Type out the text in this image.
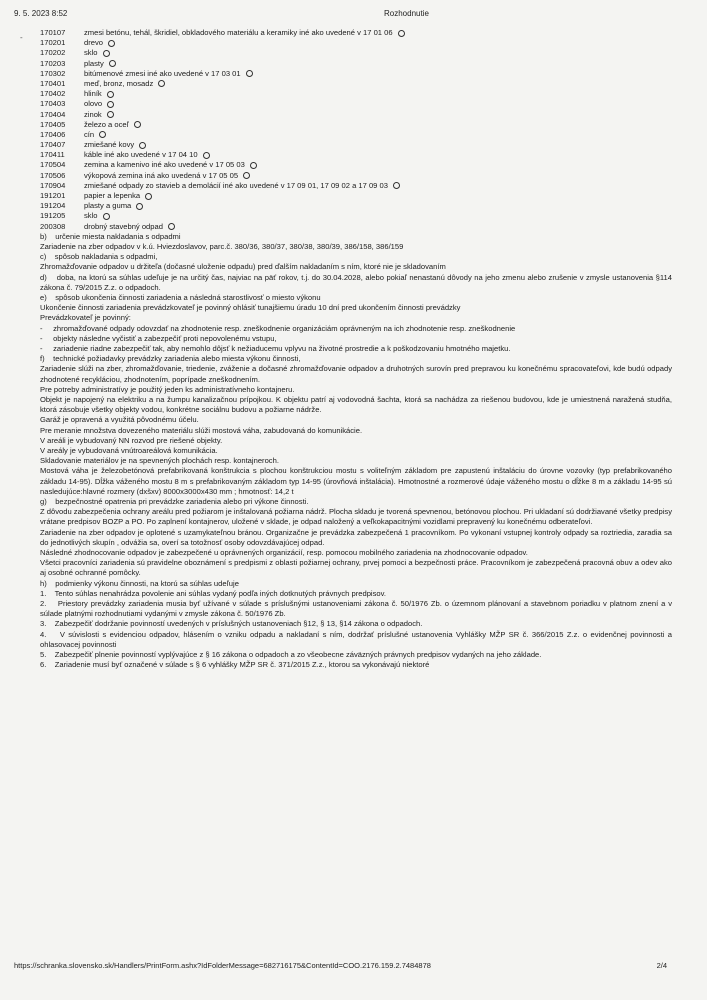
9. 5. 2023 8:52	Rozhodnutie
-
170107 zmesi betónu, tehál, škridiel, obkladového materiálu a keramiky iné ako uvedené v 17 01 06
170201 drevo
170202 sklo
170203 plasty
170302 bitúmenové zmesi iné ako uvedené v 17 03 01
170401 meď, bronz, mosadz
170402 hliník
170403 olovo
170404 zinok
170405 železo a oceľ
170406 cín
170407 zmiešané kovy
170411	káble iné ako uvedené v 17 04 10
170504 zemina a kamenivo iné ako uvedené v 17 05 03
170506 výkopová zemina iná ako uvedená v 17 05 05
170904 zmiešané odpady zo stavieb a demolácií iné ako uvedené v 17 09 01, 17 09 02 a 17 09 03
191201 papier a lepenka
191204 plasty a guma
191205 sklo
200308 drobný stavebný odpad
b)    určenie miesta nakladania s odpadmi
Zariadenie na zber odpadov v k.ú. Hviezdoslavov, parc.č. 380/36, 380/37, 380/38, 380/39, 386/158, 386/159
c)    spôsob nakladania s odpadmi,
Zhromažďovanie odpadov u držiteľa (dočasné uloženie odpadu) pred ďalším nakladaním s ním, ktoré nie je skladovaním
d)    doba, na ktorú sa súhlas udeľuje je na určitý čas, najviac na päť rokov, t.j. do 30.04.2028, alebo pokiaľ nenastanú dôvody na jeho zmenu alebo zrušenie v zmysle ustanovenia §114 zákona č. 79/2015 Z.z. o odpadoch.
e)    spôsob ukončenia činnosti zariadenia a následná starostlivosť o miesto výkonu
Ukončenie činnosti zariadenia prevádzkovateľ je povinný ohlásiť tunajšiemu úradu 10 dní pred ukončením činnosti prevádzky
Prevádzkovateľ je povinný:
-     zhromažďované odpady odovzdať na zhodnotenie resp. zneškodnenie organizáciám oprávneným na ich zhodnotenie resp. zneškodnenie
-     objekty následne vyčistiť a zabezpečiť proti nepovolenému vstupu,
-     zariadenie riadne zabezpečiť tak, aby nemohlo dôjsť k nežiaducemu vplyvu na životné prostredie a k poškodzovaniu hmotného majetku.
f)    technické požiadavky prevádzky zariadenia alebo miesta výkonu činnosti,
Zariadenie slúži na zber, zhromažďovanie, triedenie, zváženie a dočasné zhromažďovanie odpadov a druhotných surovín pred prepravou ku konečnému spracovateľovi, kde budú odpady zhodnotené recykláciou, zhodnotením, poprípade zneškodnením.
Pre potreby administratívy je použitý jeden ks administratívneho kontajneru.
Objekt je napojený na elektriku a na žumpu kanalizačnou prípojkou. K objektu patrí aj vodovodná šachta, ktorá sa nachádza za riešenou budovou, kde je umiestnená naražená studňa, ktorá zásobuje všetky objekty vodou, konkrétne sociálnu budovu a požiarne nádrže.
Garáž je opravená a využitá pôvodnému účelu.
Pre meranie množstva dovezeného materiálu slúži mostová váha, zabudovaná do komunikácie.
V areáli je vybudovaný NN rozvod pre riešené objekty.
V areály je vybudovaná vnútroareálová komunikácia.
Skladovanie materiálov je na spevnených plochách resp. kontajneroch.
Mostová váha je železobetónová prefabrikovaná konštrukcia s plochou konštrukciou mostu s voliteľným základom pre zapustenú inštaláciu do úrovne vozovky (typ prefabrikovaného základu 14-95). Dĺžka váženého mostu 8 m s prefabrikovaným základom typ 14-95 (úrovňová inštalácia). Hmotnostné a rozmerové údaje váženého mostu o dĺžke 8 m a základu 14-95 sú nasledujúce:hlavné rozmery (dxšxv) 8000x3000x430 mm ; hmotnosť: 14,2 t
g)    bezpečnostné opatrenia pri prevádzke zariadenia alebo pri výkone činnosti.
Z dôvodu zabezpečenia ochrany areálu pred požiarom je inštalovaná požiarna nádrž. Plocha skladu je tvorená spevnenou, betónovou plochou. Pri ukladaní sú dodržiavané všetky predpisy vrátane predpisov BOZP a PO. Po zaplnení kontajnerov, uložené v sklade, je odpad naložený a veľkokapacitnými vozidlami prepravený ku konečnému odberateľovi.
Zariadenie na zber odpadov je oplotené s uzamykateľnou bránou. Organizačne je prevádzka zabezpečená 1 pracovníkom. Po vykonaní vstupnej kontroly odpady sa roztriedia, zaradia sa do jednotlivých skupín , odvážia sa, overí sa totožnosť osoby odovzdávajúcej odpad.
Následné zhodnocovanie odpadov je zabezpečené u oprávnených organizácií, resp. pomocou mobilného zariadenia na zhodnocovanie odpadov.
Všetci pracovníci zariadenia sú pravidelne oboznámení s predpismi z oblasti požiarnej ochrany, prvej pomoci a bezpečnosti práce. Pracovníkom je zabezpečená pracovná obuv a odev ako aj osobné ochranné pomôcky.
h)    podmienky výkonu činnosti, na ktorú sa súhlas udeľuje
1.    Tento súhlas nenahrádza povolenie ani súhlas vydaný podľa iných dotknutých právnych predpisov.
2.    Priestory prevádzky zariadenia musia byť užívané v súlade s príslušnými ustanoveniami zákona č. 50/1976 Zb. o územnom plánovaní a stavebnom poriadku v platnom znení a v súlade platnými rozhodnutiami vydanými v zmysle zákona č. 50/1976 Zb.
3.    Zabezpečiť dodržanie povinností uvedených v príslušných ustanoveniach §12, § 13, §14 zákona o odpadoch.
4.    V súvislosti s evidenciou odpadov, hlásením o vzniku odpadu a nakladaní s ním, dodržať príslušné ustanovenia Vyhlášky MŽP SR č. 366/2015 Z.z. o evidenčnej povinnosti a ohlasovacej povinnosti
5.    Zabezpečiť plnenie povinností vyplývajúce z § 16 zákona o odpadoch a zo všeobecne záväzných právnych predpisov vydaných na jeho základe.
6.    Zariadenie musí byť označené v súlade s § 6 vyhlášky MŽP SR č. 371/2015 Z.z., ktorou sa vykonávajú niektoré
https://schranka.slovensko.sk/Handlers/PrintForm.ashx?IdFolderMessage=682716175&ContentId=COO.2176.159.2.7484878	2/4
